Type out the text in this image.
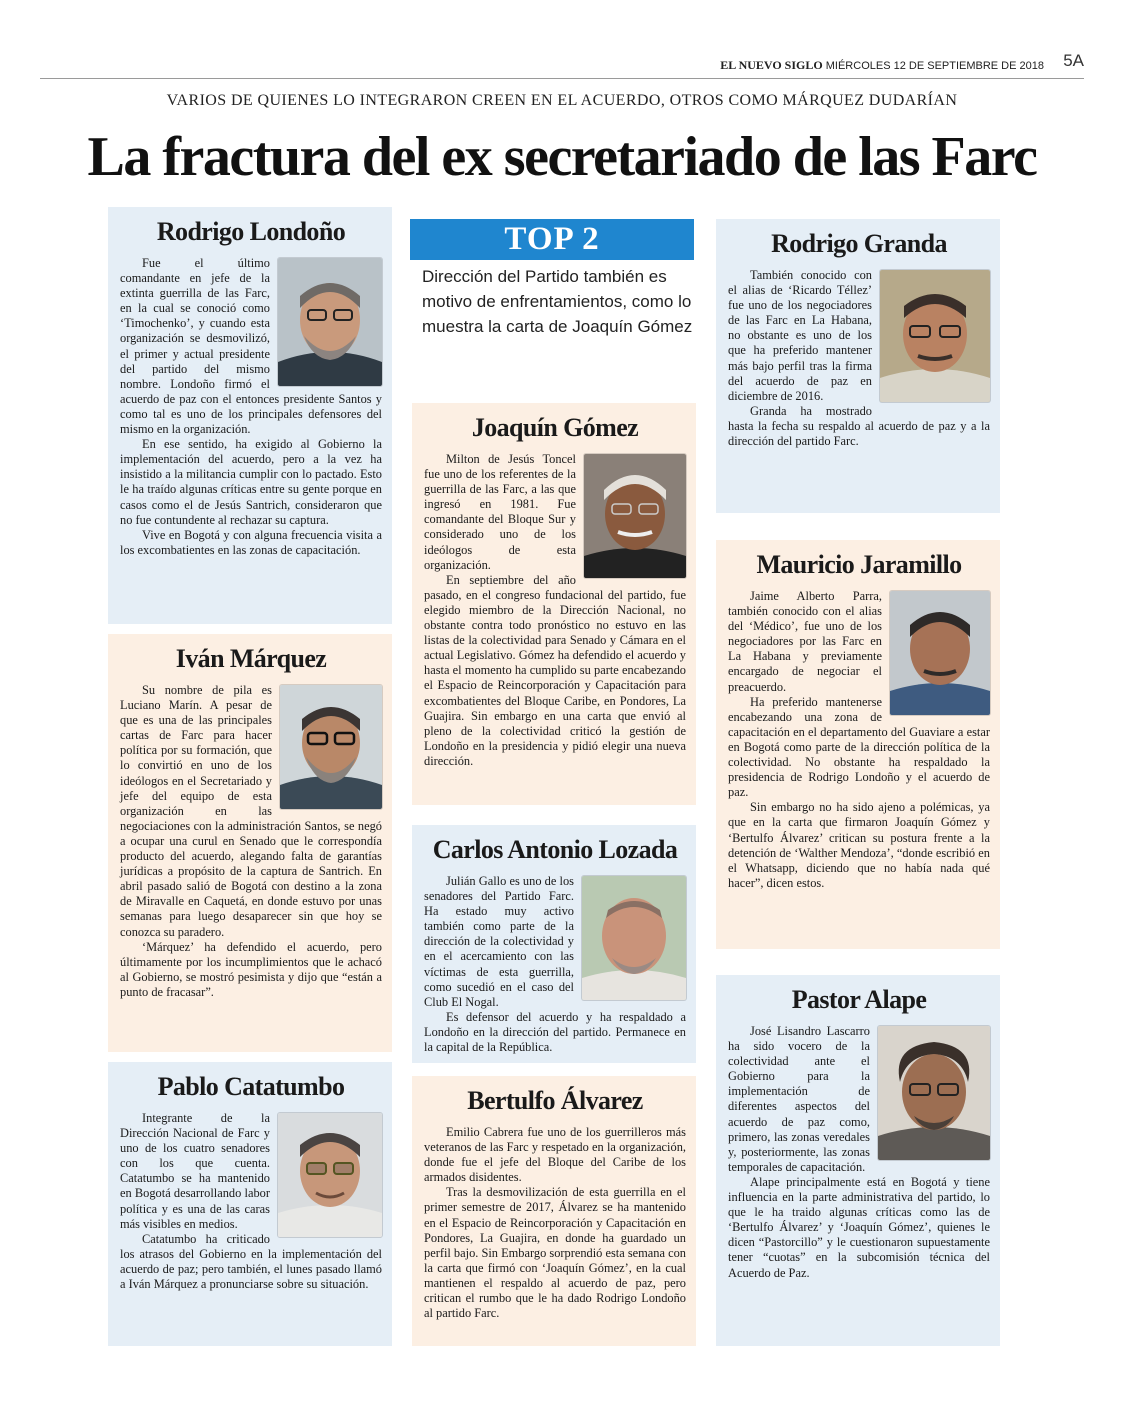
EL NUEVO SIGLO MIÉRCOLES 12 DE SEPTIEMBRE DE 2018 5A
VARIOS DE QUIENES LO INTEGRARON CREEN EN EL ACUERDO, OTROS COMO MÁRQUEZ DUDARÍAN
La fractura del ex secretariado de las Farc
Rodrigo Londoño

Fue el último comandante en jefe de la extinta guerrilla de las Farc, en la cual se conoció como ‘Timochenko’, y cuando esta organización se desmovilizó, el primer y actual presidente del partido del mismo nombre. Londoño firmó el acuerdo de paz con el entonces presidente Santos y como tal es uno de los principales defensores del mismo en la organización.

En ese sentido, ha exigido al Gobierno la implementación del acuerdo, pero a la vez ha insistido a la militancia cumplir con lo pactado. Esto le ha traído algunas críticas entre su gente porque en casos como el de Jesús Santrich, consideraron que no fue contundente al rechazar su captura.

Vive en Bogotá y con alguna frecuencia visita a los excombatientes en las zonas de capacitación.

Iván Márquez

Su nombre de pila es Luciano Marín. A pesar de que es una de las principales cartas de Farc para hacer política por su formación, que lo convirtió en uno de los ideólogos en el Secretariado y jefe del equipo de esta organización en las negociaciones con la administración Santos, se negó a ocupar una curul en Senado que le correspondía producto del acuerdo, alegando falta de garantías jurídicas a propósito de la captura de Santrich. En abril pasado salió de Bogotá con destino a la zona de Miravalle en Caquetá, en donde estuvo por unas semanas para luego desaparecer sin que hoy se conozca su paradero.

‘Márquez’ ha defendido el acuerdo, pero últimamente por los incumplimientos que le achacó al Gobierno, se mostró pesimista y dijo que “están a punto de fracasar”.

Pablo Catatumbo

Integrante de la Dirección Nacional de Farc y uno de los cuatro senadores con los que cuenta. Catatumbo se ha mantenido en Bogotá desarrollando labor política y es una de las caras más visibles en medios.

Catatumbo ha criticado los atrasos del Gobierno en la implementación del acuerdo de paz; pero también, el lunes pasado llamó a Iván Márquez a pronunciarse sobre su situación.

TOP 2
Dirección del Partido también es motivo de enfrentamientos, como lo muestra la carta de Joaquín Gómez
Joaquín Gómez

Milton de Jesús Toncel fue uno de los referentes de la guerrilla de las Farc, a las que ingresó en 1981. Fue comandante del Bloque Sur y considerado uno de los ideólogos de esta organización.

En septiembre del año pasado, en el congreso fundacional del partido, fue elegido miembro de la Dirección Nacional, no obstante contra todo pronóstico no estuvo en las listas de la colectividad para Senado y Cámara en el actual Legislativo. Gómez ha defendido el acuerdo y hasta el momento ha cumplido su parte encabezando el Espacio de Reincorporación y Capacitación para excombatientes del Bloque Caribe, en Pondores, La Guajira. Sin embargo en una carta que envió al pleno de la colectividad criticó la gestión de Londoño en la presidencia y pidió elegir una nueva dirección.

Carlos Antonio Lozada

Julián Gallo es uno de los senadores del Partido Farc. Ha estado muy activo también como parte de la dirección de la colectividad y en el acercamiento con las víctimas de esta guerrilla, como sucedió en el caso del Club El Nogal.

Es defensor del acuerdo y ha respaldado a Londoño en la dirección del partido. Permanece en la capital de la República.

Bertulfo Álvarez

Emilio Cabrera fue uno de los guerrilleros más veteranos de las Farc y respetado en la organización, donde fue el jefe del Bloque del Caribe de los armados disidentes.

Tras la desmovilización de esta guerrilla en el primer semestre de 2017, Álvarez se ha mantenido en el Espacio de Reincorporación y Capacitación en Pondores, La Guajira, en donde ha guardado un perfil bajo. Sin Embargo sorprendió esta semana con la carta que firmó con ‘Joaquín Gómez’, en la cual mantienen el respaldo al acuerdo de paz, pero critican el rumbo que le ha dado Rodrigo Londoño al partido Farc.

Rodrigo Granda

También conocido con el alias de ‘Ricardo Téllez’ fue uno de los negociadores de las Farc en La Habana, no obstante es uno de los que ha preferido mantener más bajo perfil tras la firma del acuerdo de paz en diciembre de 2016.

Granda ha mostrado hasta la fecha su respaldo al acuerdo de paz y a la dirección del partido Farc.

Mauricio Jaramillo

Jaime Alberto Parra, también conocido con el alias del ‘Médico’, fue uno de los negociadores por las Farc en La Habana y previamente encargado de negociar el preacuerdo.

Ha preferido mantenerse encabezando una zona de capacitación en el departamento del Guaviare a estar en Bogotá como parte de la dirección política de la colectividad. No obstante ha respaldado la presidencia de Rodrigo Londoño y el acuerdo de paz.

Sin embargo no ha sido ajeno a polémicas, ya que en la carta que firmaron Joaquín Gómez y ‘Bertulfo Álvarez’ critican su postura frente a la detención de ‘Walther Mendoza’, “donde escribió en el Whatsapp, diciendo que no había nada qué hacer”, dicen estos.

Pastor Alape

José Lisandro Lascarro ha sido vocero de la colectividad ante el Gobierno para la implementación de diferentes aspectos del acuerdo de paz como, primero, las zonas veredales y, posteriormente, las zonas temporales de capacitación.

Alape principalmente está en Bogotá y tiene influencia en la parte administrativa del partido, lo que le ha traido algunas críticas como las de ‘Bertulfo Álvarez’ y ‘Joaquín Gómez’, quienes le dicen “Pastorcillo” y le cuestionaron supuestamente tener “cuotas” en la subcomisión técnica del Acuerdo de Paz.
